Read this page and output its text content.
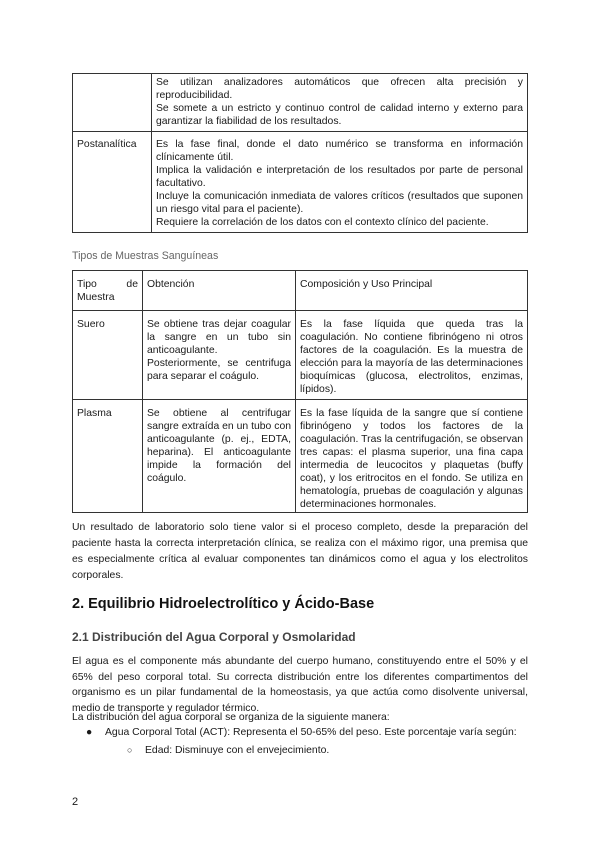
	Se utilizan analizadores automáticos que ofrecen alta precisión y reproducibilidad.

Se somete a un estricto y continuo control de calidad interno y externo para garantizar la fiabilidad de los resultados.

Postanalítica	Es la fase final, donde el dato numérico se transforma en información clínicamente útil.

Implica la validación e interpretación de los resultados por parte de personal facultativo.

Incluye la comunicación inmediata de valores críticos (resultados que suponen un riesgo vital para el paciente).

Requiere la correlación de los datos con el contexto clínico del paciente.

Tipos de Muestras Sanguíneas
Tipo de Muestra	Obtención	Composición y Uso Principal
Suero	Se obtiene tras dejar coagular la sangre en un tubo sin anticoagulante. Posteriormente, se centrifuga para separar el coágulo.	Es la fase líquida que queda tras la coagulación. No contiene fibrinógeno ni otros factores de la coagulación. Es la muestra de elección para la mayoría de las determinaciones bioquímicas (glucosa, electrolitos, enzimas, lípidos).
Plasma	Se obtiene al centrifugar sangre extraída en un tubo con anticoagulante (p. ej., EDTA, heparina). El anticoagulante impide la formación del coágulo.	Es la fase líquida de la sangre que sí contiene fibrinógeno y todos los factores de la coagulación. Tras la centrifugación, se observan tres capas: el plasma superior, una fina capa intermedia de leucocitos y plaquetas (buffy coat), y los eritrocitos en el fondo. Se utiliza en hematología, pruebas de coagulación y algunas determinaciones hormonales.

Un resultado de laboratorio solo tiene valor si el proceso completo, desde la preparación del paciente hasta la correcta interpretación clínica, se realiza con el máximo rigor, una premisa que es especialmente crítica al evaluar componentes tan dinámicos como el agua y los electrolitos corporales.

2. Equilibrio Hidroelectrolítico y Ácido-Base
2.1 Distribución del Agua Corporal y Osmolaridad

El agua es el componente más abundante del cuerpo humano, constituyendo entre el 50% y el 65% del peso corporal total. Su correcta distribución entre los diferentes compartimentos del organismo es un pilar fundamental de la homeostasis, ya que actúa como disolvente universal, medio de transporte y regulador térmico.

La distribución del agua corporal se organiza de la siguiente manera:

● Agua Corporal Total (ACT): Representa el 50-65% del peso. Este porcentaje varía según:
○ Edad: Disminuye con el envejecimiento.
2
